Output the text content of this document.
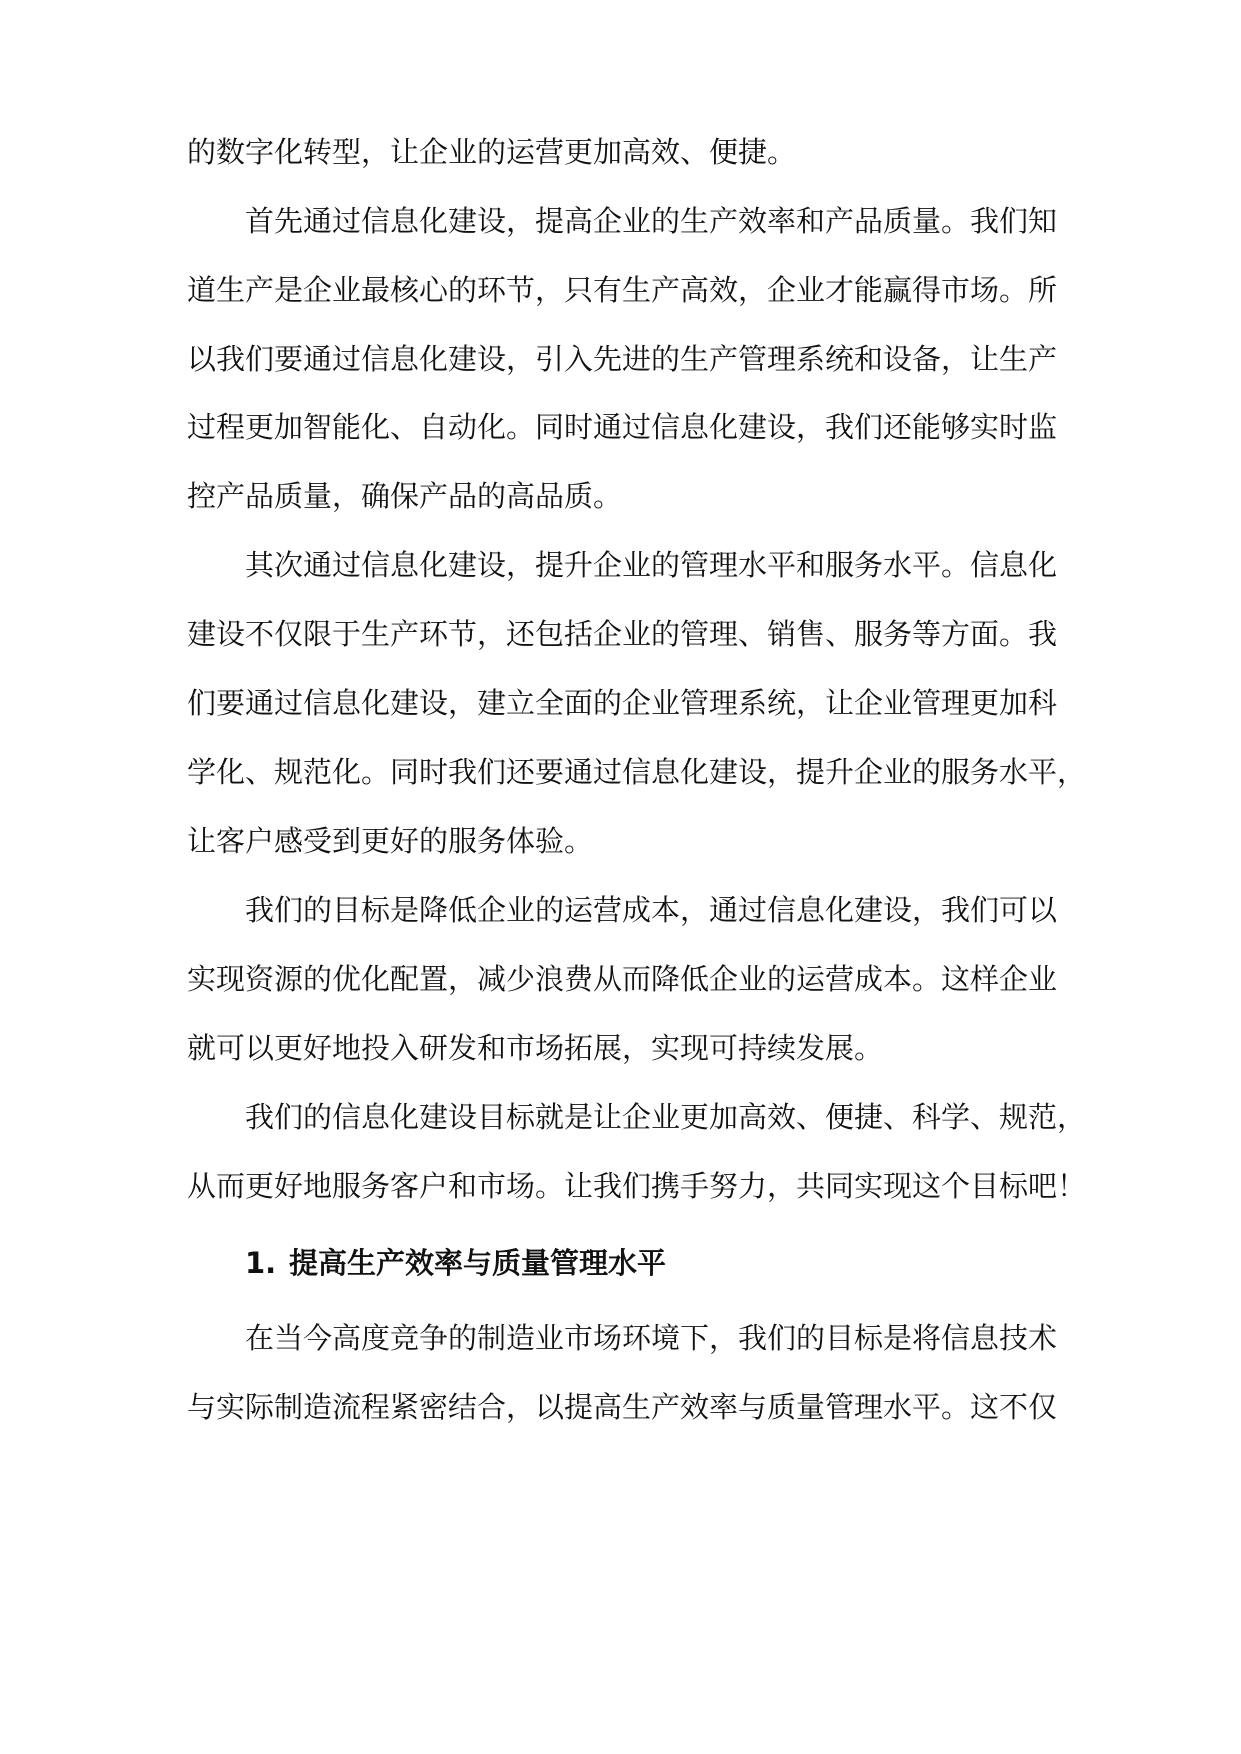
的数字化转型，让企业的运营更加高效、便捷。
首先通过信息化建设，提高企业的生产效率和产品质量。我们知
道生产是企业最核心的环节，只有生产高效，企业才能赢得市场。所
以我们要通过信息化建设，引入先进的生产管理系统和设备，让生产
过程更加智能化、自动化。同时通过信息化建设，我们还能够实时监
控产品质量，确保产品的高品质。
其次通过信息化建设，提升企业的管理水平和服务水平。信息化
建设不仅限于生产环节，还包括企业的管理、销售、服务等方面。我
们要通过信息化建设，建立全面的企业管理系统，让企业管理更加科
学化、规范化。同时我们还要通过信息化建设，提升企业的服务水平，
让客户感受到更好的服务体验。
我们的目标是降低企业的运营成本，通过信息化建设，我们可以
实现资源的优化配置，减少浪费从而降低企业的运营成本。这样企业
就可以更好地投入研发和市场拓展，实现可持续发展。
我们的信息化建设目标就是让企业更加高效、便捷、科学、规范，
从而更好地服务客户和市场。让我们携手努力，共同实现这个目标吧！
1. 提高生产效率与质量管理水平
在当今高度竞争的制造业市场环境下，我们的目标是将信息技术
与实际制造流程紧密结合，以提高生产效率与质量管理水平。这不仅
